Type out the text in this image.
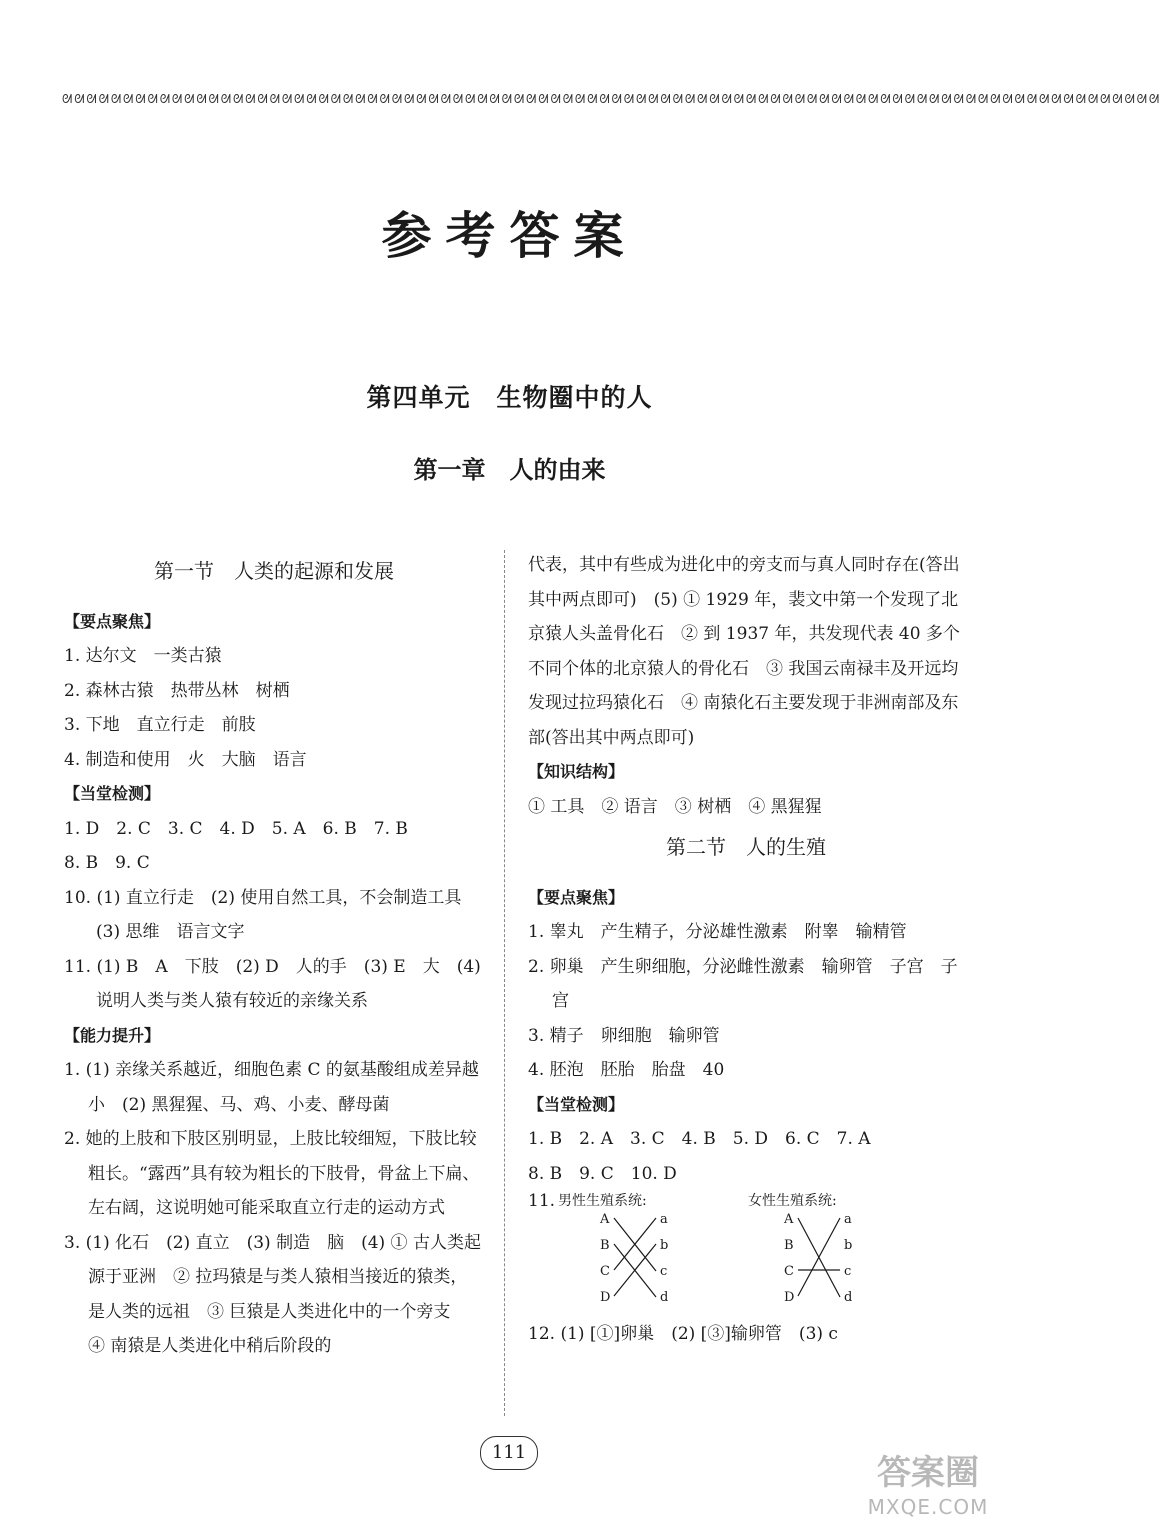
ᘛᘛᘛᘛᘛᘛᘛᘛᘛᘛᘛᘛᘛᘛᘛᘛᘛᘛᘛᘛᘛᘛᘛᘛᘛᘛᘛᘛᘛᘛᘛᘛᘛᘛᘛᘛᘛᘛᘛᘛᘛᘛᘛᘛᘛᘛᘛᘛᘛᘛᘛᘛᘛᘛᘛᘛᘛᘛᘛᘛᘛᘛᘛᘛᘛᘛᘛᘛᘛᘛᘛᘛᘛᘛᘛᘛᘛᘛᘛᘛᘛᘛᘛᘛᘛᘛᘛᘛᘛᘛ
参考答案
第四单元　生物圈中的人
第一章　人的由来
第一节　人类的起源和发展
【要点聚焦】
1. 达尔文　一类古猿
2. 森林古猿　热带丛林　树栖
3. 下地　直立行走　前肢
4. 制造和使用　火　大脑　语言
【当堂检测】
1. D　2. C　3. C　4. D　5. A　6. B　7. B
8. B　9. C
10. (1) 直立行走　(2) 使用自然工具，不会制造工具　(3) 思维　语言文字
11. (1) B　A　下肢　(2) D　人的手　(3) E　大　(4) 说明人类与类人猿有较近的亲缘关系
【能力提升】
1. (1) 亲缘关系越近，细胞色素 C 的氨基酸组成差异越小　(2) 黑猩猩、马、鸡、小麦、酵母菌
2. 她的上肢和下肢区别明显，上肢比较细短，下肢比较粗长。“露西”具有较为粗长的下肢骨，骨盆上下扁、左右阔，这说明她可能采取直立行走的运动方式
3. (1) 化石　(2) 直立　(3) 制造　脑　(4) ① 古人类起源于亚洲　② 拉玛猿是与类人猿相当接近的猿类，是人类的远祖　③ 巨猿是人类进化中的一个旁支　④ 南猿是人类进化中稍后阶段的
代表，其中有些成为进化中的旁支而与真人同时存在(答出其中两点即可)　(5) ① 1929 年，裴文中第一个发现了北京猿人头盖骨化石　② 到 1937 年，共发现代表 40 多个不同个体的北京猿人的骨化石　③ 我国云南禄丰及开远均发现过拉玛猿化石　④ 南猿化石主要发现于非洲南部及东部(答出其中两点即可)
【知识结构】
① 工具　② 语言　③ 树栖　④ 黑猩猩
第二节　人的生殖
【要点聚焦】
1. 睾丸　产生精子，分泌雄性激素　附睾　输精管
2. 卵巢　产生卵细胞，分泌雌性激素　输卵管　子宫　子宫
3. 精子　卵细胞　输卵管
4. 胚泡　胚胎　胎盘　40
【当堂检测】
1. B　2. A　3. C　4. B　5. D　6. C　7. A
8. B　9. C　10. D
11. 男性生殖系统:	女性生殖系统:
A
B
C
D
a
b
c
d
A
B
C
D
a
b
c
d
12. (1) [①]卵巢　(2) [③]输卵管　(3) c
111
答案圈
MXQE.COM
